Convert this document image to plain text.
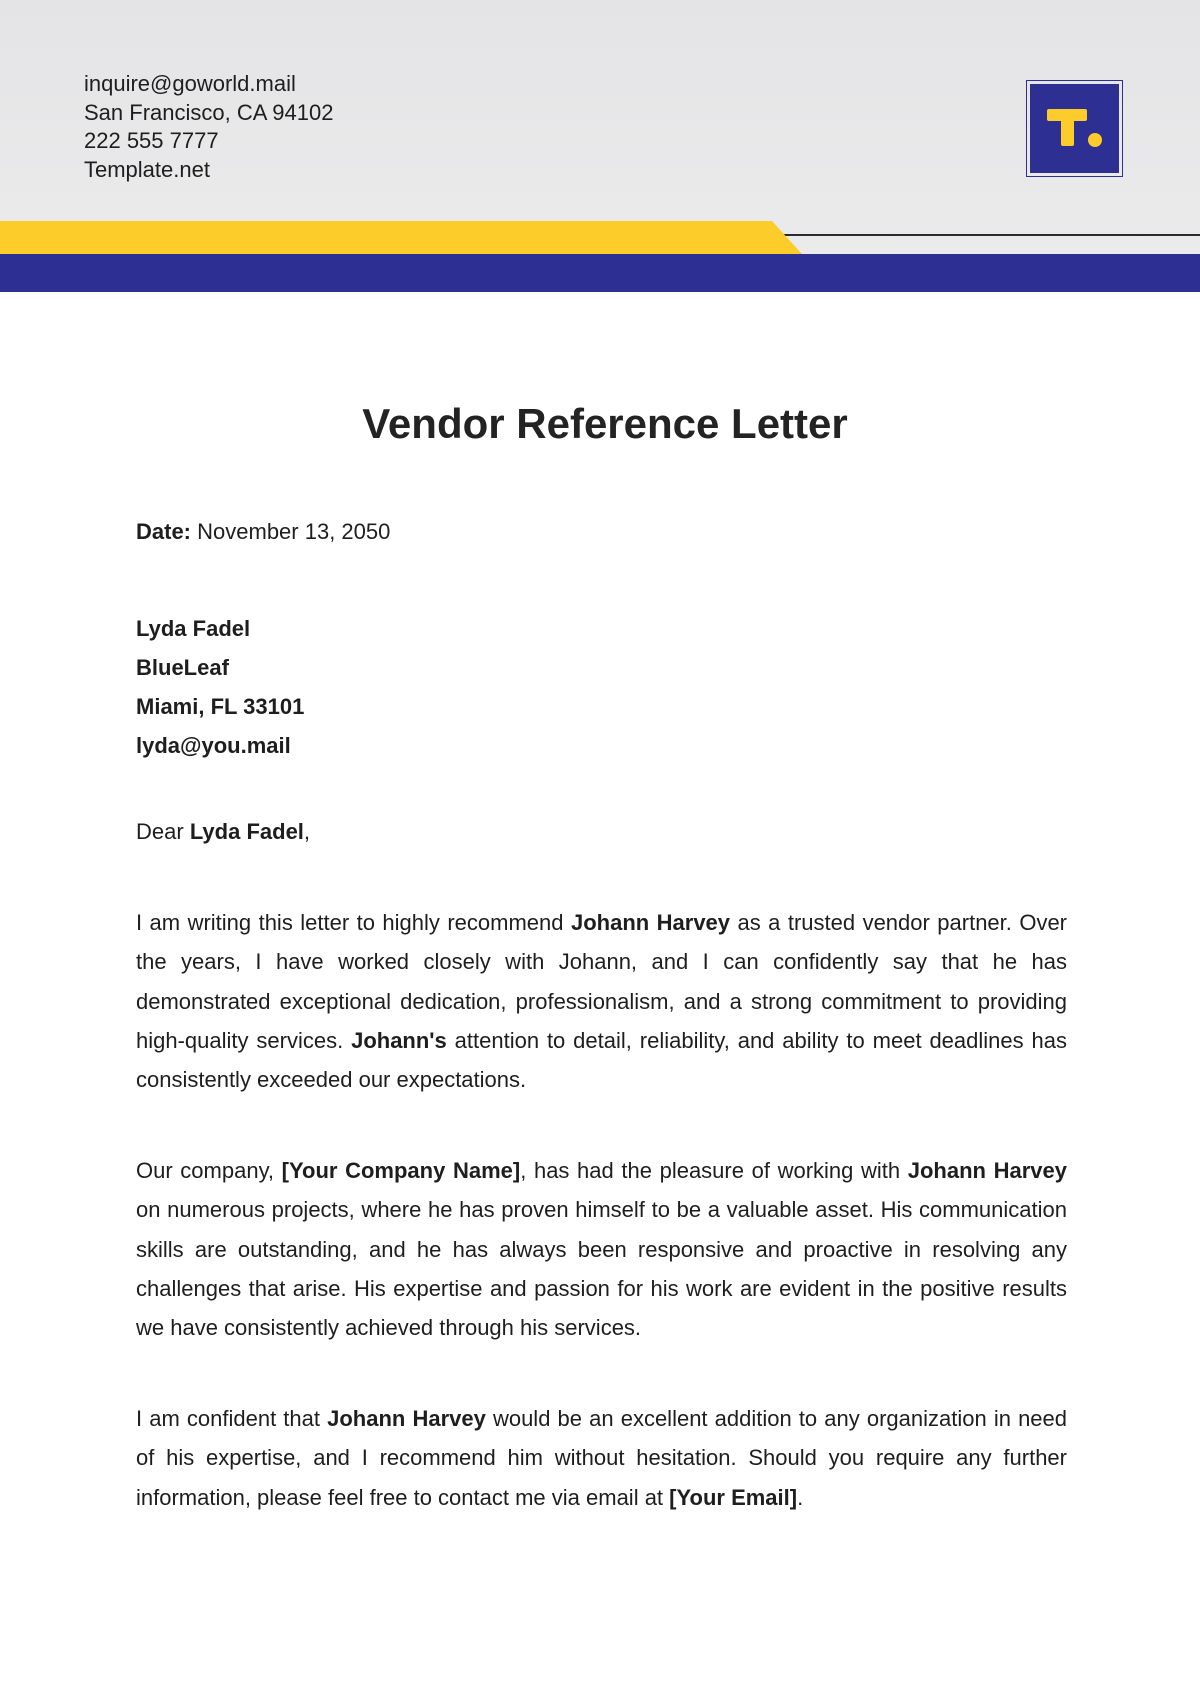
inquire@goworld.mail
San Francisco, CA 94102
222 555 7777
Template.net
Vendor Reference Letter
Date: November 13, 2050
Lyda Fadel
BlueLeaf
Miami, FL 33101
lyda@you.mail
Dear Lyda Fadel,

I am writing this letter to highly recommend Johann Harvey as a trusted vendor partner. Over the years, I have worked closely with Johann, and I can confidently say that he has demonstrated exceptional dedication, professionalism, and a strong commitment to providing high-quality services. Johann's attention to detail, reliability, and ability to meet deadlines has consistently exceeded our expectations.

Our company, [Your Company Name], has had the pleasure of working with Johann Harvey on numerous projects, where he has proven himself to be a valuable asset. His communication skills are outstanding, and he has always been responsive and proactive in resolving any challenges that arise. His expertise and passion for his work are evident in the positive results we have consistently achieved through his services.

I am confident that Johann Harvey would be an excellent addition to any organization in need of his expertise, and I recommend him without hesitation. Should you require any further information, please feel free to contact me via email at [Your Email].
